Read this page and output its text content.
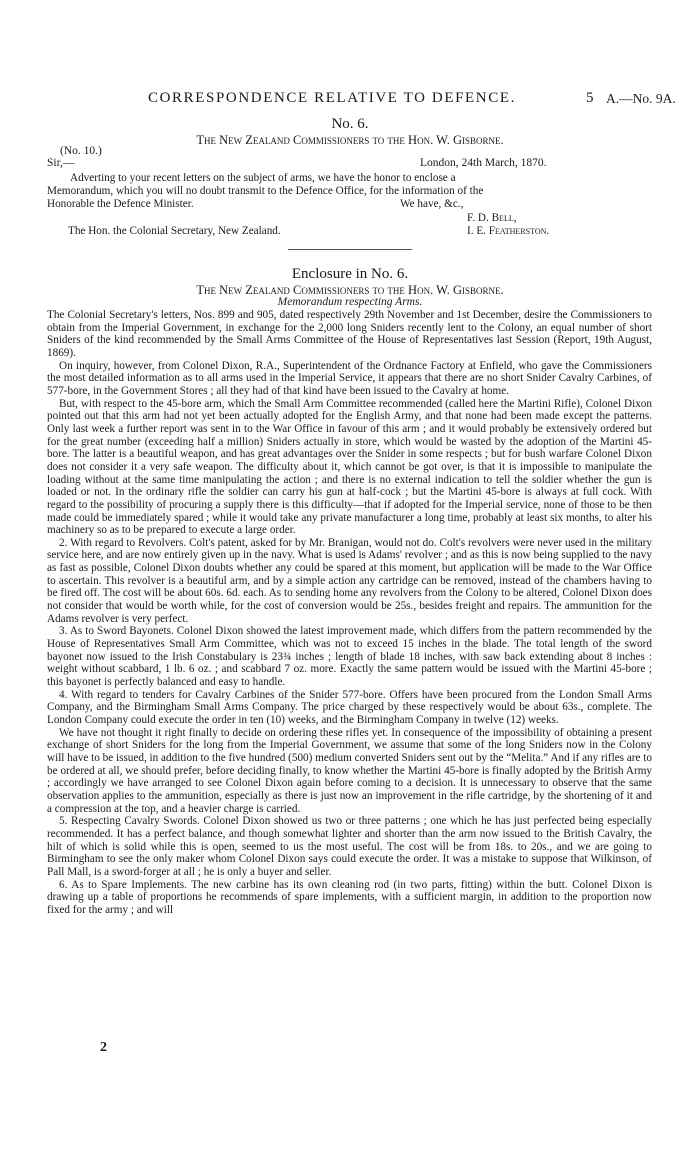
CORRESPONDENCE RELATIVE TO DEFENCE.	5 A.—No. 9A.
No. 6.
The New Zealand Commissioners to the Hon. W. Gisborne.
(No. 10.)
Sir,—	London, 24th March, 1870.
Adverting to your recent letters on the subject of arms, we have the honor to enclose a
Memorandum, which you will no doubt transmit to the Defence Office, for the information of the
Honorable the Defence Minister.	We have, &c.,
F. D. Bell,
The Hon. the Colonial Secretary, New Zealand.	I. E. Featherston.
Enclosure in No. 6.
The New Zealand Commissioners to the Hon. W. Gisborne.
Memorandum respecting Arms.

The Colonial Secretary's letters, Nos. 899 and 905, dated respectively 29th November and 1st December, desire the Commissioners to obtain from the Imperial Government, in exchange for the 2,000 long Sniders recently lent to the Colony, an equal number of short Sniders of the kind recommended by the Small Arms Committee of the House of Representatives last Session (Report, 19th August, 1869).

On inquiry, however, from Colonel Dixon, R.A., Superintendent of the Ordnance Factory at Enfield, who gave the Commissioners the most detailed information as to all arms used in the Imperial Service, it appears that there are no short Snider Cavalry Carbines, of 577-bore, in the Government Stores ; all they had of that kind have been issued to the Cavalry at home.

But, with respect to the 45-bore arm, which the Small Arm Committee recommended (called here the Martini Rifle), Colonel Dixon pointed out that this arm had not yet been actually adopted for the English Army, and that none had been made except the patterns. Only last week a further report was sent in to the War Office in favour of this arm ; and it would probably be extensively ordered but for the great number (exceeding half a million) Sniders actually in store, which would be wasted by the adoption of the Martini 45-bore. The latter is a beautiful weapon, and has great advantages over the Snider in some respects ; but for bush warfare Colonel Dixon does not consider it a very safe weapon. The difficulty about it, which cannot be got over, is that it is impossible to manipulate the loading without at the same time manipulating the action ; and there is no external indication to tell the soldier whether the gun is loaded or not. In the ordinary rifle the soldier can carry his gun at half-cock ; but the Martini 45-bore is always at full cock. With regard to the possibility of procuring a supply there is this difficulty—that if adopted for the Imperial service, none of those to be then made could be immediately spared ; while it would take any private manufacturer a long time, probably at least six months, to alter his machinery so as to be prepared to execute a large order.

2. With regard to Revolvers. Colt's patent, asked for by Mr. Branigan, would not do. Colt's revolvers were never used in the military service here, and are now entirely given up in the navy. What is used is Adams' revolver ; and as this is now being supplied to the navy as fast as possible, Colonel Dixon doubts whether any could be spared at this moment, but application will be made to the War Office to ascertain. This revolver is a beautiful arm, and by a simple action any cartridge can be removed, instead of the chambers having to be fired off. The cost will be about 60s. 6d. each. As to sending home any revolvers from the Colony to be altered, Colonel Dixon does not consider that would be worth while, for the cost of conversion would be 25s., besides freight and repairs. The ammunition for the Adams revolver is very perfect.

3. As to Sword Bayonets. Colonel Dixon showed the latest improvement made, which differs from the pattern recommended by the House of Representatives Small Arm Committee, which was not to exceed 15 inches in the blade. The total length of the sword bayonet now issued to the Irish Constabulary is 23¾ inches ; length of blade 18 inches, with saw back extending about 8 inches : weight without scabbard, 1 lb. 6 oz. ; and scabbard 7 oz. more. Exactly the same pattern would be issued with the Martini 45-bore ; this bayonet is perfectly balanced and easy to handle.

4. With regard to tenders for Cavalry Carbines of the Snider 577-bore. Offers have been procured from the London Small Arms Company, and the Birmingham Small Arms Company. The price charged by these respectively would be about 63s., complete. The London Company could execute the order in ten (10) weeks, and the Birmingham Company in twelve (12) weeks.

We have not thought it right finally to decide on ordering these rifles yet. In consequence of the impossibility of obtaining a present exchange of short Sniders for the long from the Imperial Government, we assume that some of the long Sniders now in the Colony will have to be issued, in addition to the five hundred (500) medium converted Sniders sent out by the “Melita.” And if any rifles are to be ordered at all, we should prefer, before deciding finally, to know whether the Martini 45-bore is finally adopted by the British Army ; accordingly we have arranged to see Colonel Dixon again before coming to a decision. It is unnecessary to observe that the same observation applies to the ammunition, especially as there is just now an improvement in the rifle cartridge, by the shortening of it and a compression at the top, and a heavier charge is carried.

5. Respecting Cavalry Swords. Colonel Dixon showed us two or three patterns ; one which he has just perfected being especially recommended. It has a perfect balance, and though somewhat lighter and shorter than the arm now issued to the British Cavalry, the hilt of which is solid while this is open, seemed to us the most useful. The cost will be from 18s. to 20s., and we are going to Birmingham to see the only maker whom Colonel Dixon says could execute the order. It was a mistake to suppose that Wilkinson, of Pall Mall, is a sword-forger at all ; he is only a buyer and seller.

6. As to Spare Implements. The new carbine has its own cleaning rod (in two parts, fitting) within the butt. Colonel Dixon is drawing up a table of proportions he recommends of spare implements, with a sufficient margin, in addition to the proportion now fixed for the army ; and will

2
